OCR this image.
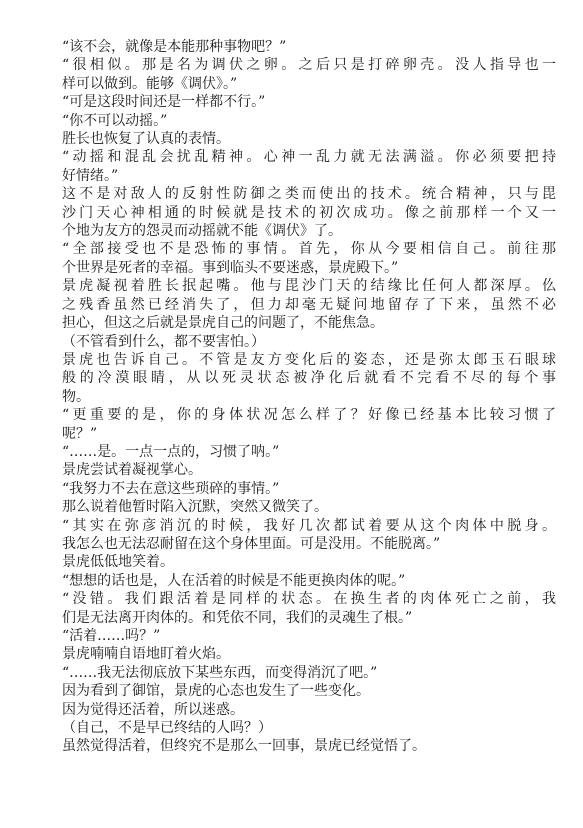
“该不会，就像是本能那种事物吧？”
“很相似。那是名为调伏之卵。之后只是打碎卵壳。没人指导也一
样可以做到。能够《调伏》。”
“可是这段时间还是一样都不行。”
“你不可以动摇。”
胜长也恢复了认真的表情。
“动摇和混乱会扰乱精神。心神一乱力就无法满溢。你必须要把持
好情绪。”
这不是对敌人的反射性防御之类而使出的技术。统合精神，只与毘
沙门天心神相通的时候就是技术的初次成功。像之前那样一个又一
个地为友方的怨灵而动摇就不能《调伏》了。
“全部接受也不是恐怖的事情。首先，你从今要相信自己。前往那
个世界是死者的幸福。事到临头不要迷惑，景虎殿下。”
景虎凝视着胜长抿起嘴。他与毘沙门天的结缘比任何人都深厚。仫
之残香虽然已经消失了，但力却毫无疑问地留存了下来，虽然不必
担心，但这之后就是景虎自己的问题了，不能焦急。
（不管看到什么，都不要害怕。）
景虎也告诉自己。不管是友方变化后的姿态，还是弥太郎玉石眼球
般的冷漠眼睛，从以死灵状态被净化后就看不完看不尽的每个事
物。
“更重要的是，你的身体状况怎么样了？好像已经基本比较习惯了
呢？”
“……是。一点一点的，习惯了呐。”
景虎尝试着凝视掌心。
“我努力不去在意这些琐碎的事情。”
那么说着他暂时陷入沉默，突然又微笑了。
“其实在弥彦消沉的时候，我好几次都试着要从这个肉体中脱身。
我怎么也无法忍耐留在这个身体里面。可是没用。不能脱离。”
景虎低低地笑着。
“想想的话也是，人在活着的时候是不能更换肉体的呢。”
“没错。我们跟活着是同样的状态。在换生者的肉体死亡之前，我
们是无法离开肉体的。和凭依不同，我们的灵魂生了根。”
“活着……吗？”
景虎喃喃自语地盯着火焰。
“……我无法彻底放下某些东西，而变得消沉了吧。”
因为看到了御馆，景虎的心态也发生了一些变化。
因为觉得还活着，所以迷惑。
（自己，不是早已终结的人吗？）
虽然觉得活着，但终究不是那么一回事，景虎已经觉悟了。
